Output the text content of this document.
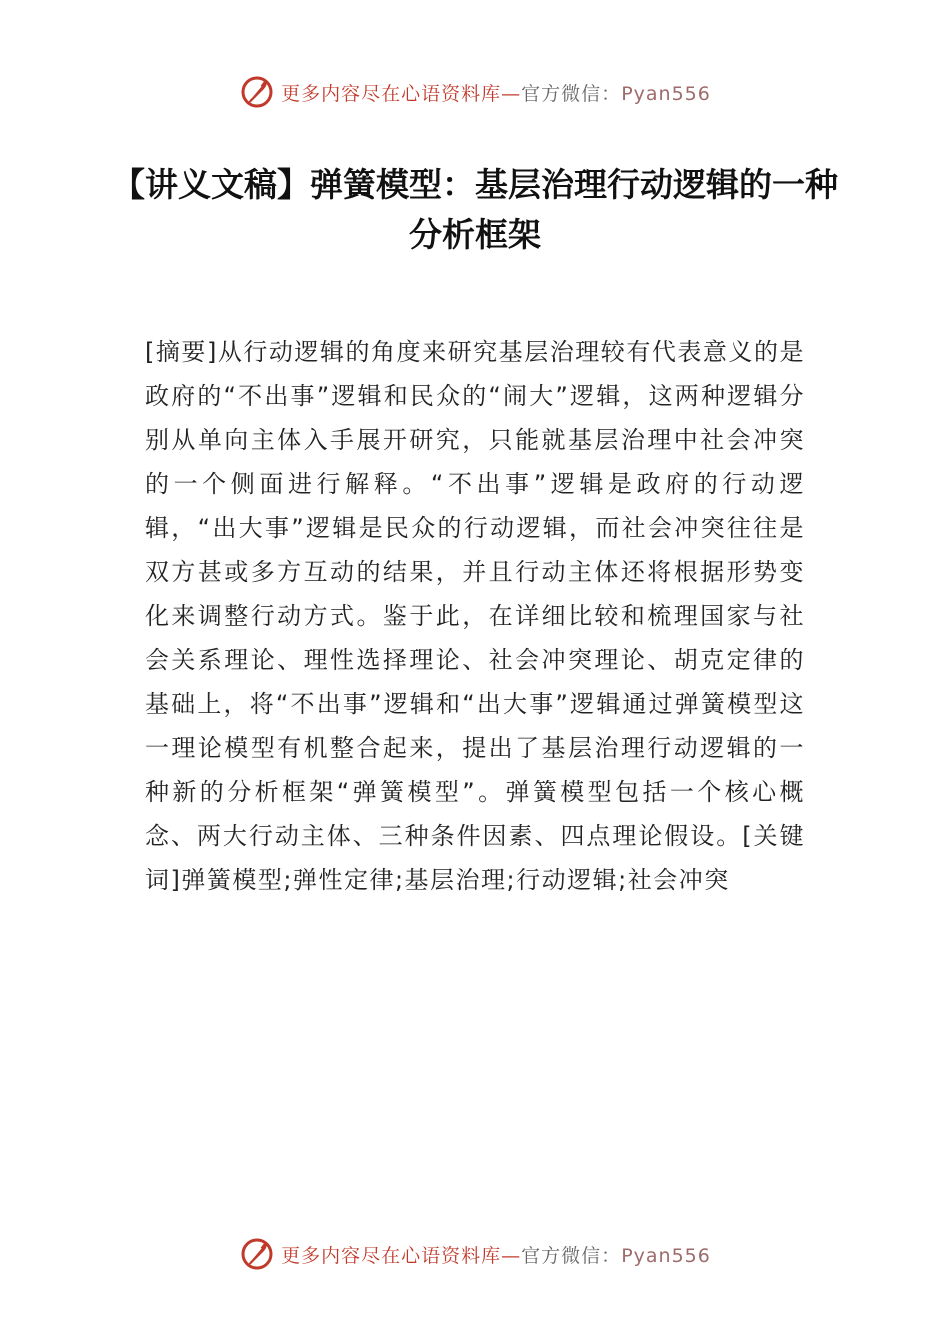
更多内容尽在心语资料库—官方微信：Pyan556
【讲义文稿】弹簧模型：基层治理行动逻辑的一种分析框架

[摘要]从行动逻辑的角度来研究基层治理较有代表意义的是政府的“不出事”逻辑和民众的“闹大”逻辑，这两种逻辑分别从单向主体入手展开研究，只能就基层治理中社会冲突的一个侧面进行解释。“不出事”逻辑是政府的行动逻辑，“出大事”逻辑是民众的行动逻辑，而社会冲突往往是双方甚或多方互动的结果，并且行动主体还将根据形势变化来调整行动方式。鉴于此，在详细比较和梳理国家与社会关系理论、理性选择理论、社会冲突理论、胡克定律的基础上，将“不出事”逻辑和“出大事”逻辑通过弹簧模型这一理论模型有机整合起来，提出了基层治理行动逻辑的一种新的分析框架“弹簧模型”。弹簧模型包括一个核心概念、两大行动主体、三种条件因素、四点理论假设。[关键词]弹簧模型;弹性定律;基层治理;行动逻辑;社会冲突

更多内容尽在心语资料库—官方微信：Pyan556
